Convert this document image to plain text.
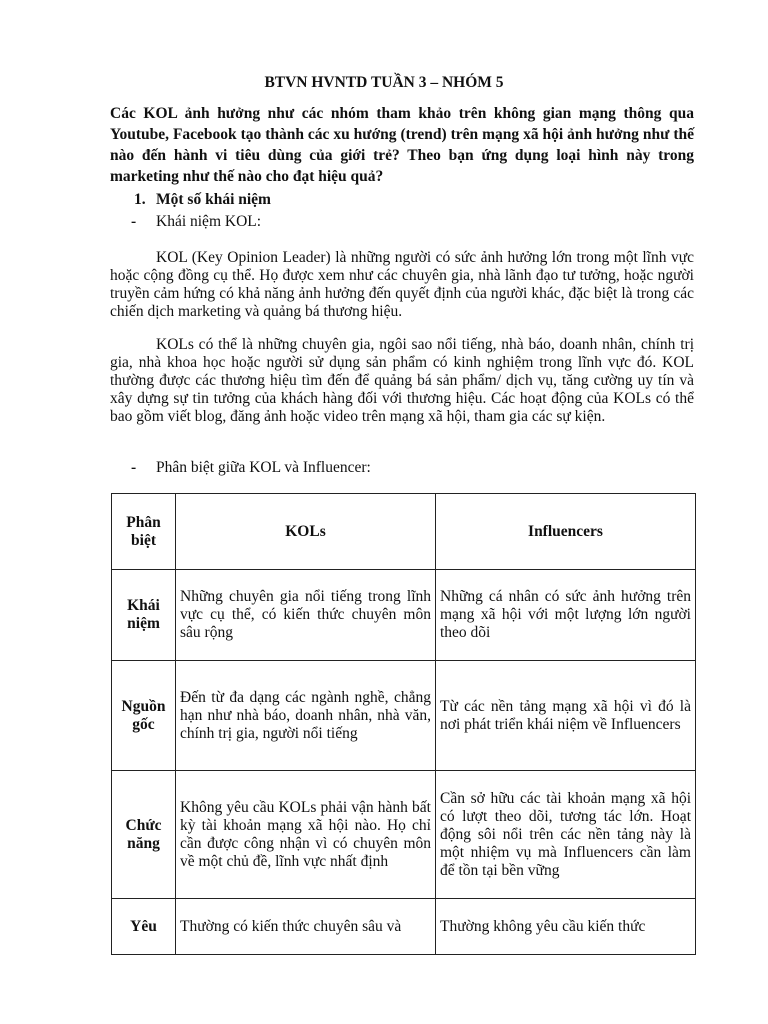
BTVN HVNTD TUẦN 3 – NHÓM 5
Các KOL ảnh hưởng như các nhóm tham khảo trên không gian mạng thông qua Youtube, Facebook tạo thành các xu hướng (trend) trên mạng xã hội ảnh hưởng như thế nào đến hành vi tiêu dùng của giới trẻ? Theo bạn ứng dụng loại hình này trong marketing như thế nào cho đạt hiệu quả?
1. Một số khái niệm
- Khái niệm KOL:

KOL (Key Opinion Leader) là những người có sức ảnh hưởng lớn trong một lĩnh vực hoặc cộng đồng cụ thể. Họ được xem như các chuyên gia, nhà lãnh đạo tư tưởng, hoặc người truyền cảm hứng có khả năng ảnh hưởng đến quyết định của người khác, đặc biệt là trong các chiến dịch marketing và quảng bá thương hiệu.

KOLs có thể là những chuyên gia, ngôi sao nổi tiếng, nhà báo, doanh nhân, chính trị gia, nhà khoa học hoặc người sử dụng sản phẩm có kinh nghiệm trong lĩnh vực đó. KOL thường được các thương hiệu tìm đến để quảng bá sản phẩm/ dịch vụ, tăng cường uy tín và xây dựng sự tin tưởng của khách hàng đối với thương hiệu. Các hoạt động của KOLs có thể bao gồm viết blog, đăng ảnh hoặc video trên mạng xã hội, tham gia các sự kiện.

- Phân biệt giữa KOL và Influencer:
Phân biệt	KOLs	Influencers
Khái niệm	Những chuyên gia nổi tiếng trong lĩnh vực cụ thể, có kiến thức chuyên môn sâu rộng	Những cá nhân có sức ảnh hưởng trên mạng xã hội với một lượng lớn người theo dõi
Nguồn gốc	Đến từ đa dạng các ngành nghề, chẳng hạn như nhà báo, doanh nhân, nhà văn, chính trị gia, người nổi tiếng	Từ các nền tảng mạng xã hội vì đó là nơi phát triển khái niệm về Influencers
Chức năng	Không yêu cầu KOLs phải vận hành bất kỳ tài khoản mạng xã hội nào. Họ chỉ cần được công nhận vì có chuyên môn về một chủ đề, lĩnh vực nhất định	Cần sở hữu các tài khoản mạng xã hội có lượt theo dõi, tương tác lớn. Hoạt động sôi nổi trên các nền tảng này là một nhiệm vụ mà Influencers cần làm để tồn tại bền vững
Yêu	Thường có kiến thức chuyên sâu và	Thường không yêu cầu kiến thức
